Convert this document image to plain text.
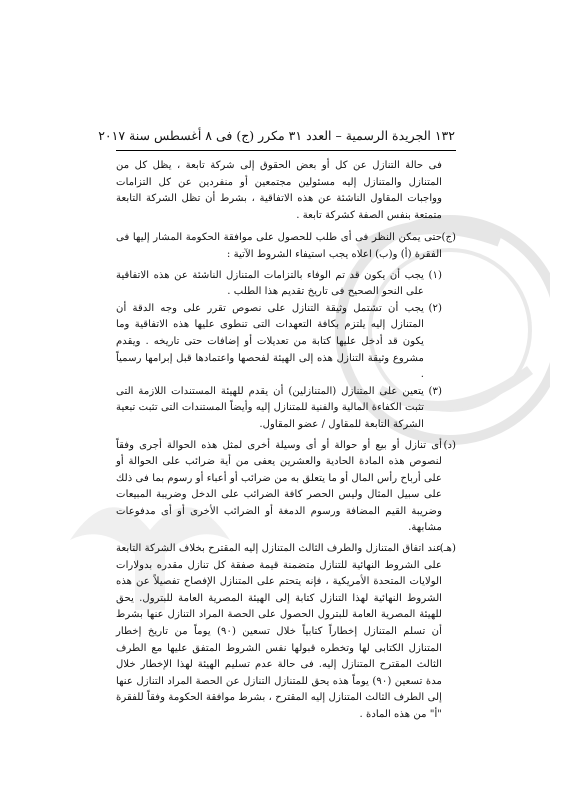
١٣٢ الجريدة الرسمية – العدد ٣١ مكرر (ج) فى ٨ أغسطس سنة ٢٠١٧

فى حالة التنازل عن كل أو بعض الحقوق إلى شركة تابعة ، يظل كل من المتنازل والمتنازل إليه مسئولين مجتمعين أو منفردين عن كل التزامات وواجبات المقاول الناشئة عن هذه الاتفاقية ، بشرط أن تظل الشركة التابعة متمتعة بنفس الصفة كشركة تابعة .

(ج)
حتى يمكن النظر فى أى طلب للحصول على موافقة الحكومة المشار إليها فى الفقرة (أ) و(ب) اعلاه يجب استيفاء الشروط الآتية :
(١)
يجب أن يكون قد تم الوفاء بالتزامات المتنازل الناشئة عن هذه الاتفاقية على النحو الصحيح فى تاريخ تقديم هذا الطلب .
(٢)
يجب أن تشتمل وثيقة التنازل على نصوص تقرر على وجه الدقة أن المتنازل إليه يلتزم بكافة التعهدات التى تنطوى عليها هذه الاتفاقية وما يكون قد أدخل عليها كتابة من تعديلات أو إضافات حتى تاريخه . ويقدم مشروع وثيقة التنازل هذه إلى الهيئة لفحصها واعتمادها قبل إبرامها رسمياً .
(٣)
يتعين على المتنازل (المتنازلين) أن يقدم للهيئة المستندات اللازمة التى تثبت الكفاءة المالية والفنية للمتنازل إليه وأيضاً المستندات التى تثبت تبعية الشركة التابعة للمقاول / عضو المقاول.
(د)
أى تنازل أو بيع أو حوالة أو أى وسيلة أخرى لمثل هذه الحوالة أجرى وفقاً لنصوص هذه المادة الحادية والعشرين يعفى من أية ضرائب على الحوالة أو على أرباح رأس المال أو ما يتعلق به من ضرائب أو أعباء أو رسوم بما فى ذلك على سبيل المثال وليس الحصر كافة الضرائب على الدخل وضريبة المبيعات وضريبة القيم المضافة ورسوم الدمغة أو الضرائب الأخرى أو أى مدفوعات مشابهة.
(هـ)
عند اتفاق المتنازل والطرف الثالث المتنازل إليه المقترح بخلاف الشركة التابعة على الشروط النهائية للتنازل متضمنة قيمة صفقة كل تنازل مقدره بدولارات الولايات المتحدة الأمريكية ، فإنه يتحتم على المتنازل الإفصاح تفصيلاً عن هذه الشروط النهائية لهذا التنازل كتابة إلى الهيئة المصرية العامة للبترول. يحق للهيئة المصرية العامة للبترول الحصول على الحصة المراد التنازل عنها بشرط أن تسلم المتنازل إخطاراً كتابياً خلال تسعين (٩٠) يوماً من تاريخ إخطار المتنازل الكتابى لها وتخطره قبولها نفس الشروط المتفق عليها مع الطرف الثالث المقترح المتنازل إليه. فى حالة عدم تسليم الهيئة لهذا الإخطار خلال مدة تسعين (٩٠) يوماً هذه يحق للمتنازل التنازل عن الحصة المراد التنازل عنها إلى الطرف الثالث المتنازل إليه المقترح ، بشرط موافقة الحكومة وفقاً للفقرة "أ" من هذه المادة .
